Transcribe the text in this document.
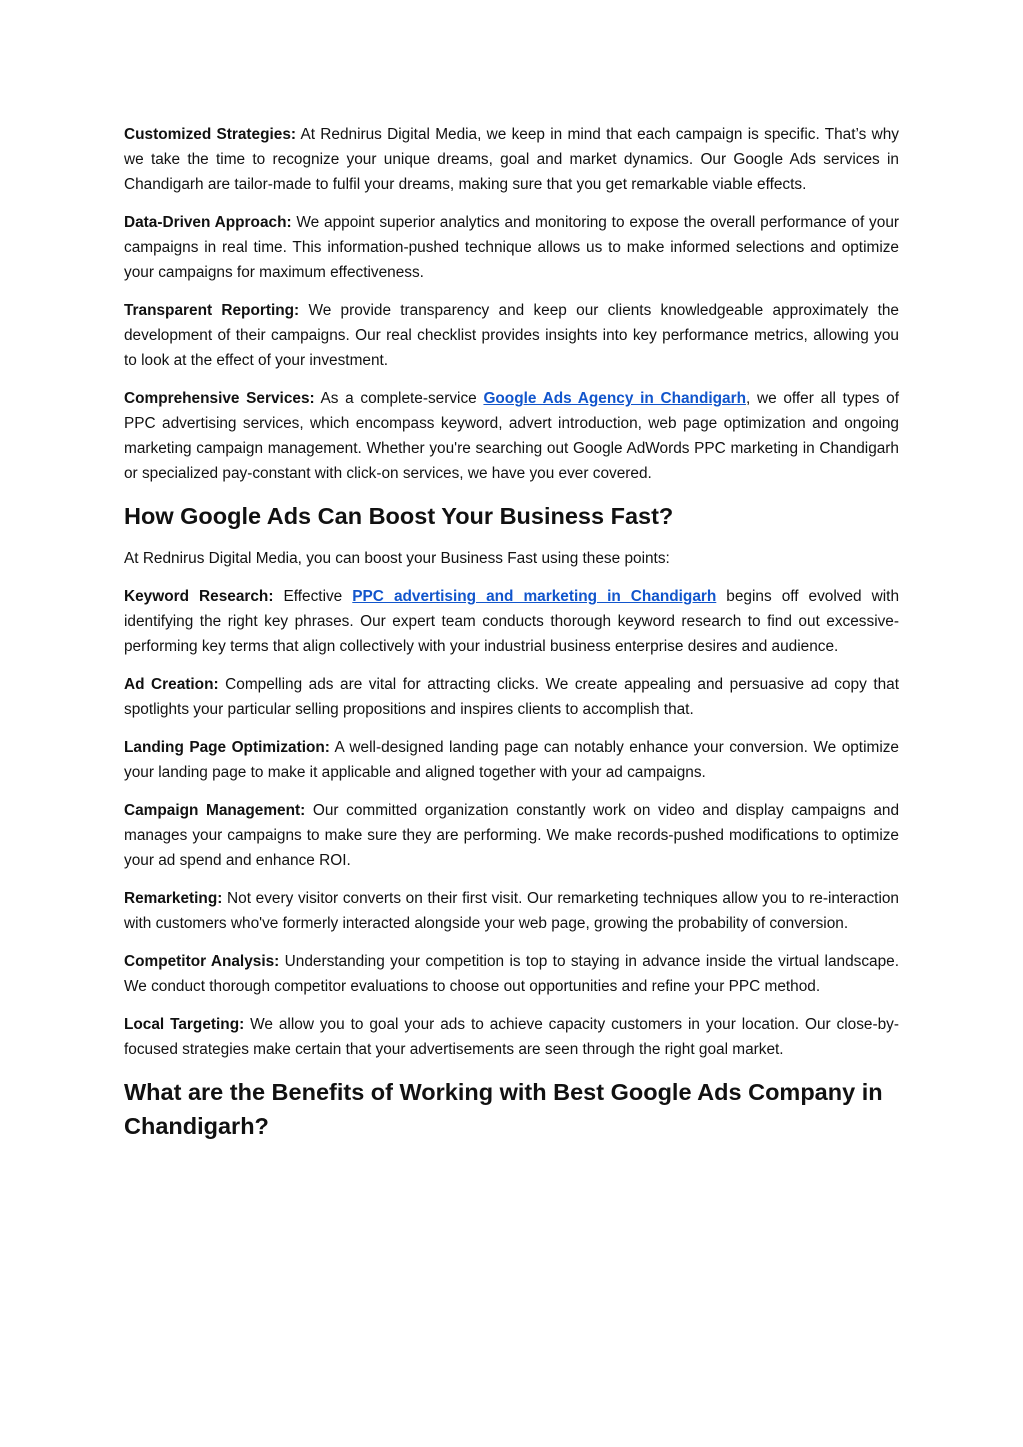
Customized Strategies: At Rednirus Digital Media, we keep in mind that each campaign is specific. That’s why we take the time to recognize your unique dreams, goal and market dynamics. Our Google Ads services in Chandigarh are tailor-made to fulfil your dreams, making sure that you get remarkable viable effects.

Data-Driven Approach: We appoint superior analytics and monitoring to expose the overall performance of your campaigns in real time. This information-pushed technique allows us to make informed selections and optimize your campaigns for maximum effectiveness.

Transparent Reporting: We provide transparency and keep our clients knowledgeable approximately the development of their campaigns. Our real checklist provides insights into key performance metrics, allowing you to look at the effect of your investment.

Comprehensive Services: As a complete-service Google Ads Agency in Chandigarh, we offer all types of PPC advertising services, which encompass keyword, advert introduction, web page optimization and ongoing marketing campaign management. Whether you're searching out Google AdWords PPC marketing in Chandigarh or specialized pay-constant with click-on services, we have you ever covered.

How Google Ads Can Boost Your Business Fast?

At Rednirus Digital Media, you can boost your Business Fast using these points:

Keyword Research: Effective PPC advertising and marketing in Chandigarh begins off evolved with identifying the right key phrases. Our expert team conducts thorough keyword research to find out excessive-performing key terms that align collectively with your industrial business enterprise desires and audience.

Ad Creation: Compelling ads are vital for attracting clicks. We create appealing and persuasive ad copy that spotlights your particular selling propositions and inspires clients to accomplish that.

Landing Page Optimization: A well-designed landing page can notably enhance your conversion. We optimize your landing page to make it applicable and aligned together with your ad campaigns.

Campaign Management: Our committed organization constantly work on video and display campaigns and manages your campaigns to make sure they are performing. We make records-pushed modifications to optimize your ad spend and enhance ROI.

Remarketing: Not every visitor converts on their first visit. Our remarketing techniques allow you to re-interaction with customers who've formerly interacted alongside your web page, growing the probability of conversion.

Competitor Analysis: Understanding your competition is top to staying in advance inside the virtual landscape. We conduct thorough competitor evaluations to choose out opportunities and refine your PPC method.

Local Targeting: We allow you to goal your ads to achieve capacity customers in your location. Our close-by-focused strategies make certain that your advertisements are seen through the right goal market.

What are the Benefits of Working with Best Google Ads Company in Chandigarh?
